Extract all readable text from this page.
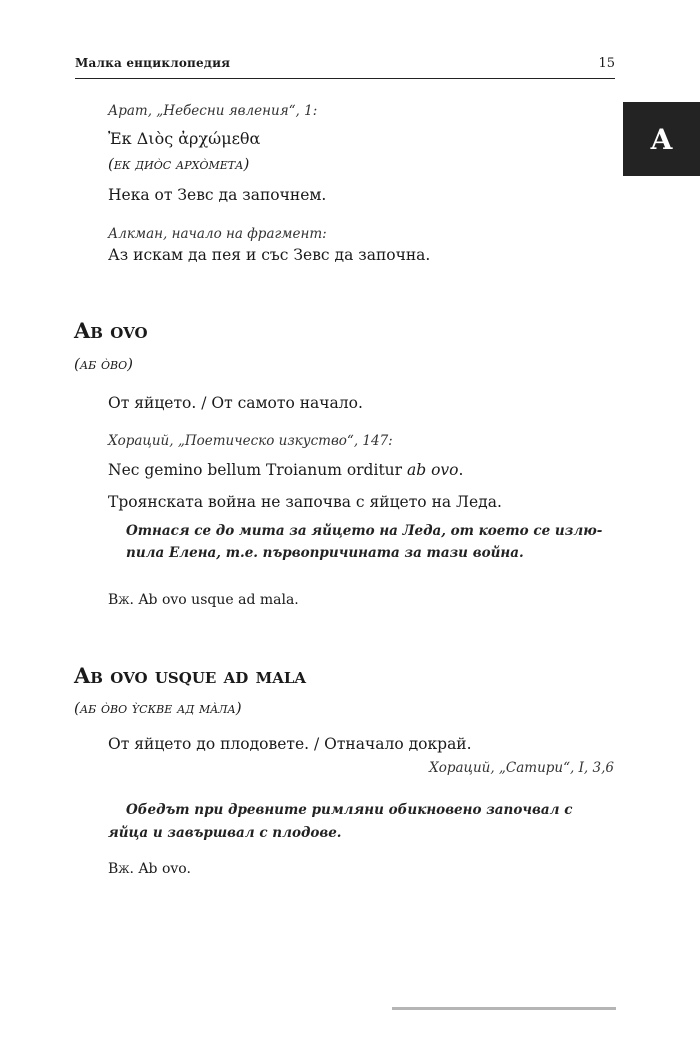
Малка енциклопедия	15
A
Арат, „Небесни явления“, 1:
Ἐκ Διὸς ἀρχώμεθα
(ек диòс архòмета)
Нека от Зевс да започнем.
Алкман, начало на фрагмент:
Аз искам да пея и със Зевс да започна.
Ab ovo
(аб òво)
От яйцето. / От самото начало.
Хораций, „Поетическо изкуство“, 147:
Nec gemino bellum Troianum orditur ab ovo.
Троянската война не започва с яйцето на Леда.
Отнася се до мита за яйцето на Леда, от което се излю-
пила Елена, т.е. първопричината за тази война.
Вж. Ab ovo usque ad mala.
Ab ovo usque ad mala
(аб òво ỳскве ад мàла)
От яйцето до плодовете. / Отначало докрай.
Хораций, „Сатири“, I, 3,6
Обедът при древните римляни обикновено започвал с
яйца и завършвал с плодове.
Вж. Ab ovo.
